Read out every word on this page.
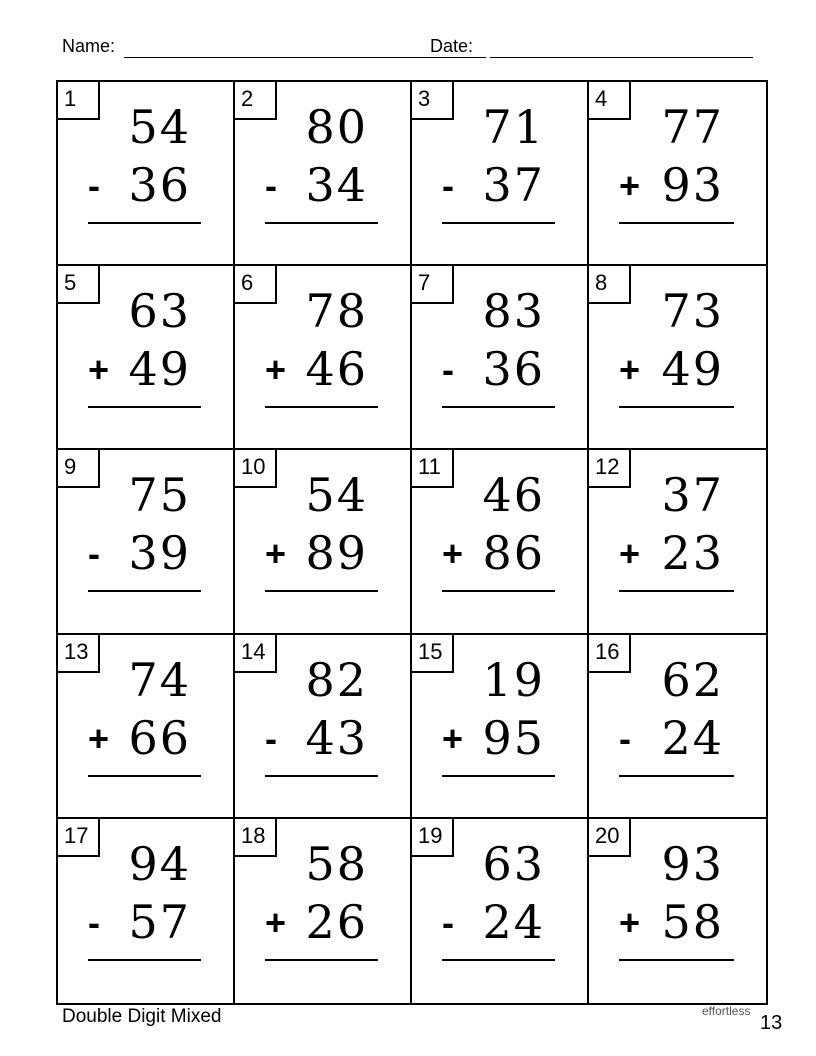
Name:	Date:
1
54
- 36
2
80
- 34
3
71
- 37
4
77
+ 93
5
63
+ 49
6
78
+ 46
7
83
- 36
8
73
+ 49
9
75
- 39
10
54
+ 89
11
46
+ 86
12
37
+ 23
13
74
+ 66
14
82
- 43
15
19
+ 95
16
62
- 24
17
94
- 57
18
58
+ 26
19
63
- 24
20
93
+ 58
Double Digit Mixed	effortless
13
